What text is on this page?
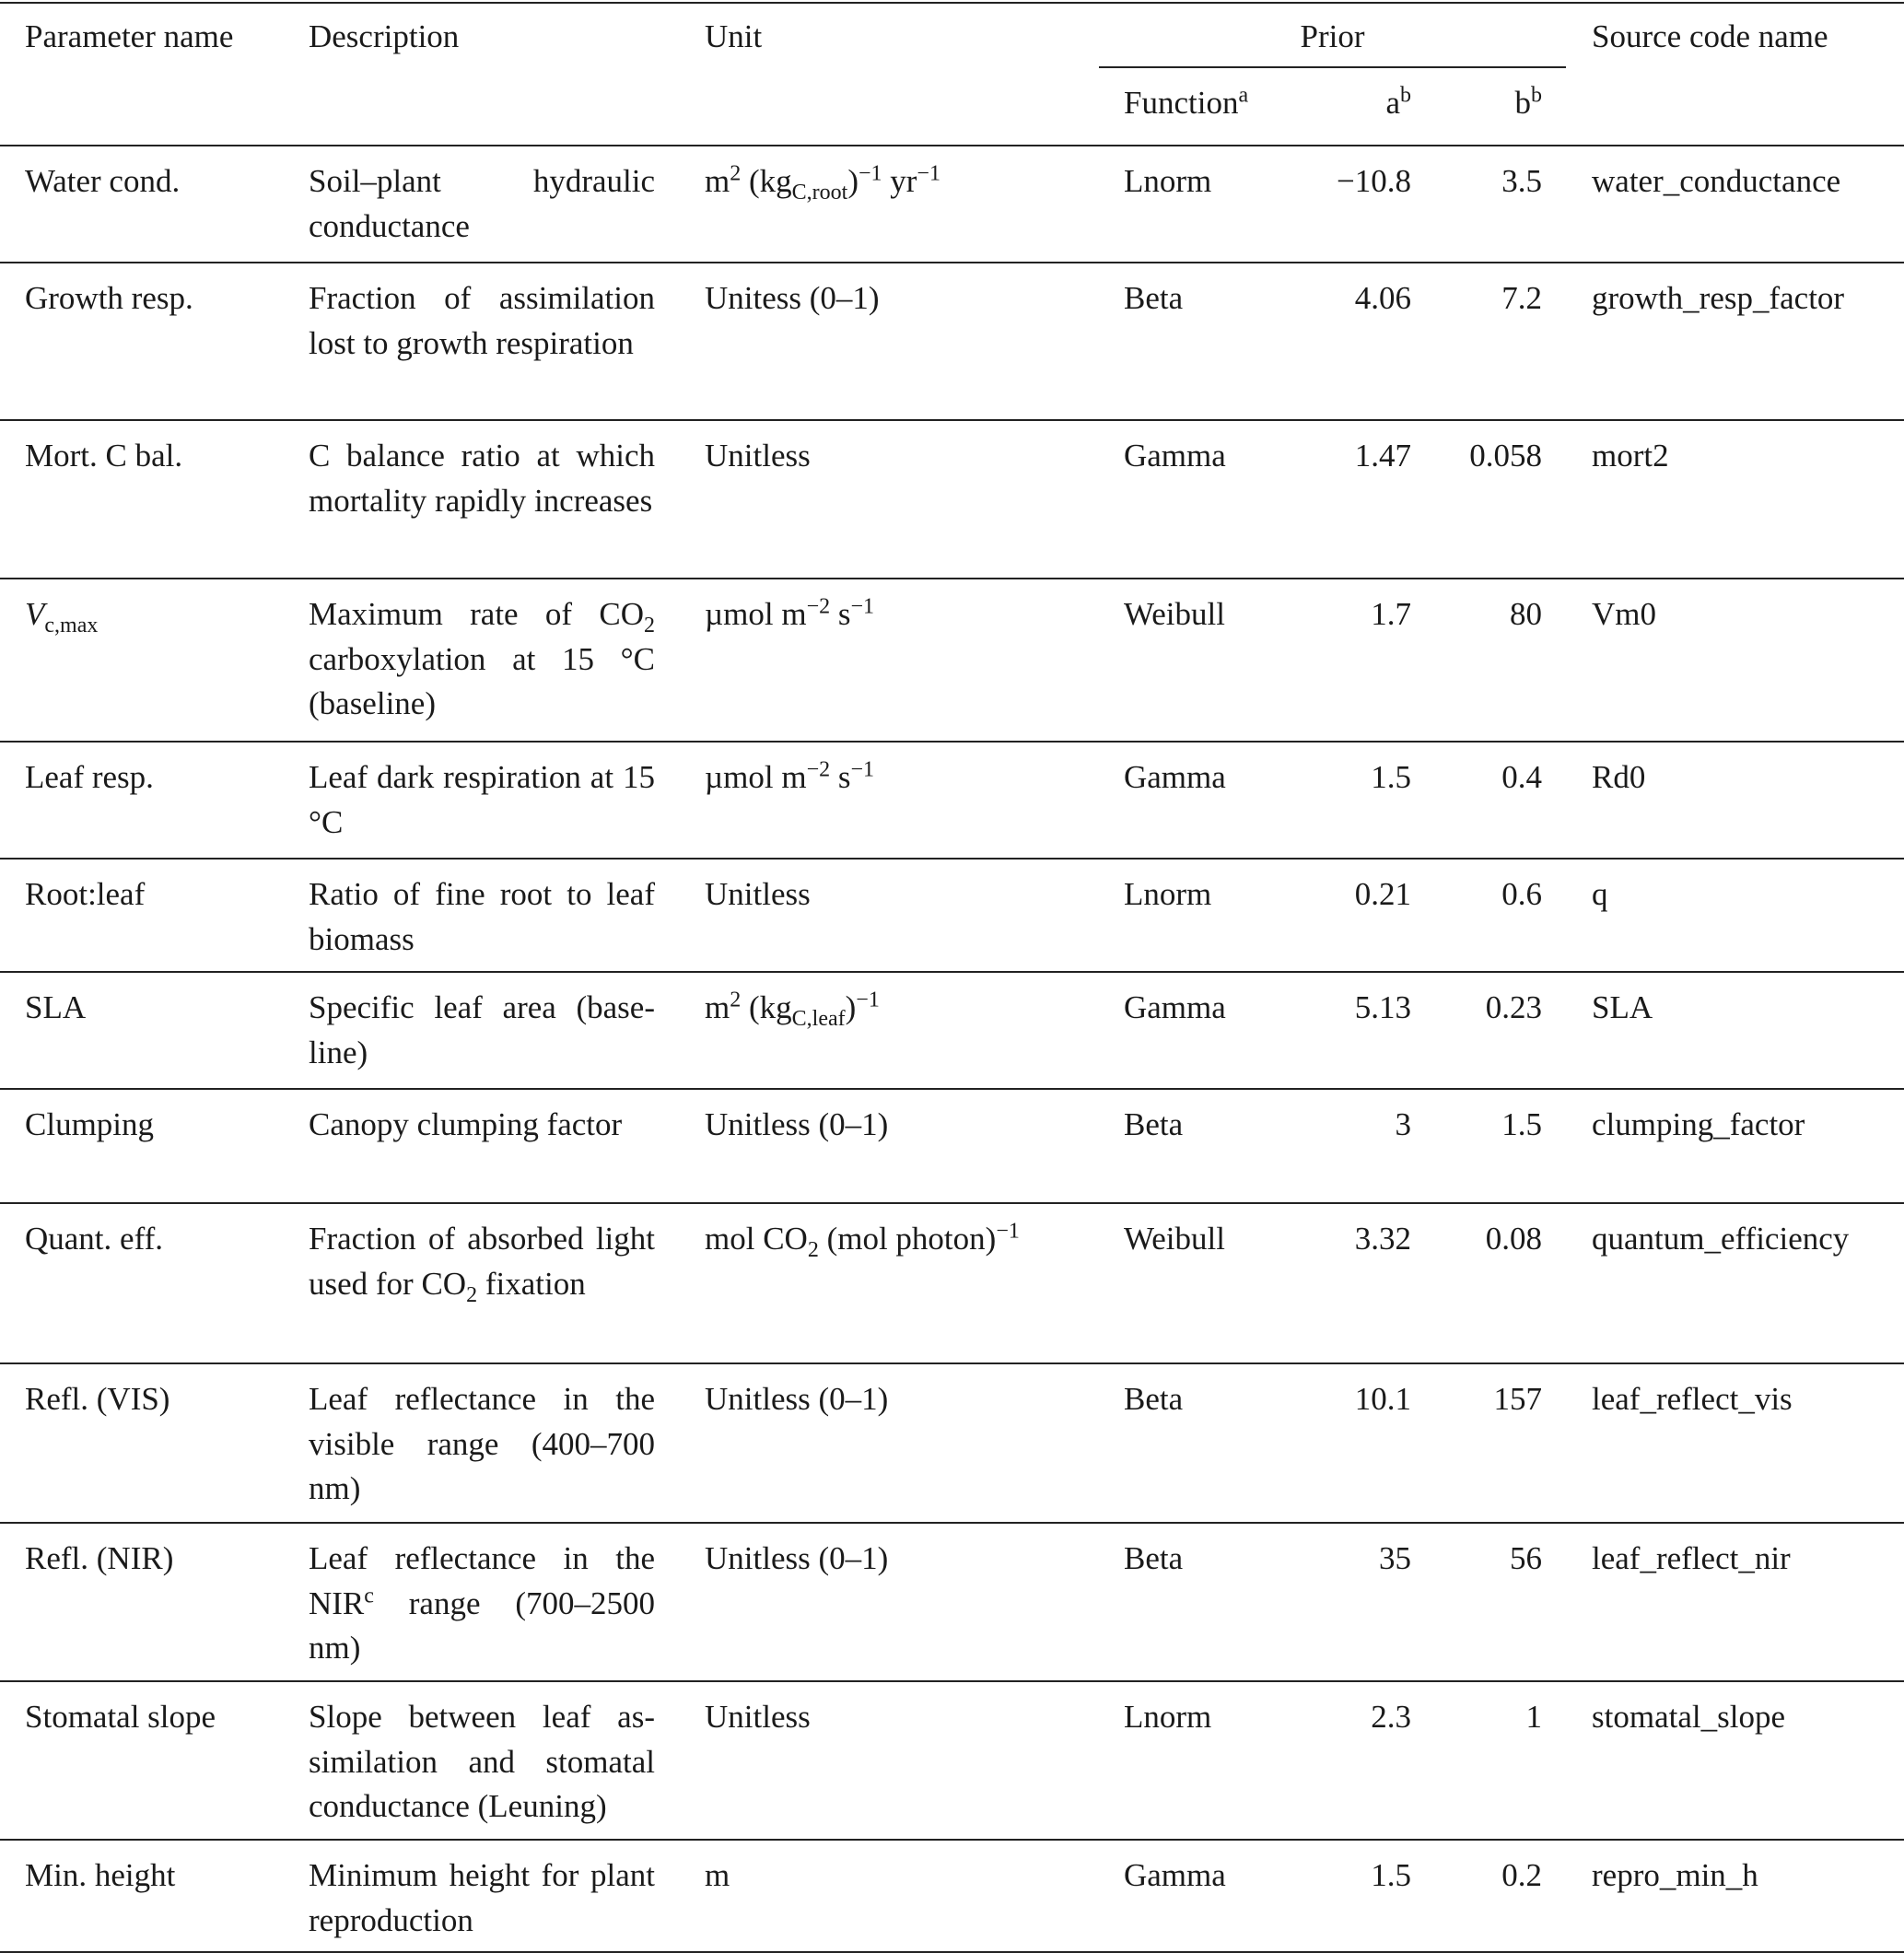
Parameter name	Description	Unit	Prior			Source code name
			Function$^a$	$a^b$	$b^b$
Water cond.	Soil–plant hydraulic conductance	$m^2$ $(kg_{C,root})^{-1}$ $yr^{-1}$	Lnorm	−10.8	3.5	water_conductance
Growth resp.	Fraction of assimilation lost to growth respiration	Unitess (0–1)	Beta	4.06	7.2	growth_resp_factor
Mort. C bal.	C balance ratio at which mortality rapidly increases	Unitless	Gamma	1.47	0.058	mort2
$V_{c,max}$	Maximum rate of $CO_2$ carboxylation at 15 °C (baseline)	µmol $m^{-2}$ $s^{-1}$	Weibull	1.7	80	Vm0
Leaf resp.	Leaf dark respiration at 15 °C	µmol $m^{-2}$ $s^{-1}$	Gamma	1.5	0.4	Rd0
Root:leaf	Ratio of fine root to leaf biomass	Unitless	Lnorm	0.21	0.6	q
SLA	Specific leaf area (baseline)	$m^2$ $(kg_{C,leaf})^{-1}$	Gamma	5.13	0.23	SLA
Clumping	Canopy clumping factor	Unitless (0–1)	Beta	3	1.5	clumping_factor
Quant. eff.	Fraction of absorbed light used for $CO_2$ fixation	mol $CO_2$ (mol photon)$^{-1}$	Weibull	3.32	0.08	quantum_efficiency
Refl. (VIS)	Leaf reflectance in the visible range (400–700 nm)	Unitless (0–1)	Beta	10.1	157	leaf_reflect_vis
Refl. (NIR)	Leaf reflectance in the NIR$^c$ range (700–2500 nm)	Unitless (0–1)	Beta	35	56	leaf_reflect_nir
Stomatal slope	Slope between leaf assimilation and stomatal conductance (Leuning)	Unitless	Lnorm	2.3	1	stomatal_slope
Min. height	Minimum height for plant reproduction	m	Gamma	1.5	0.2	repro_min_h
